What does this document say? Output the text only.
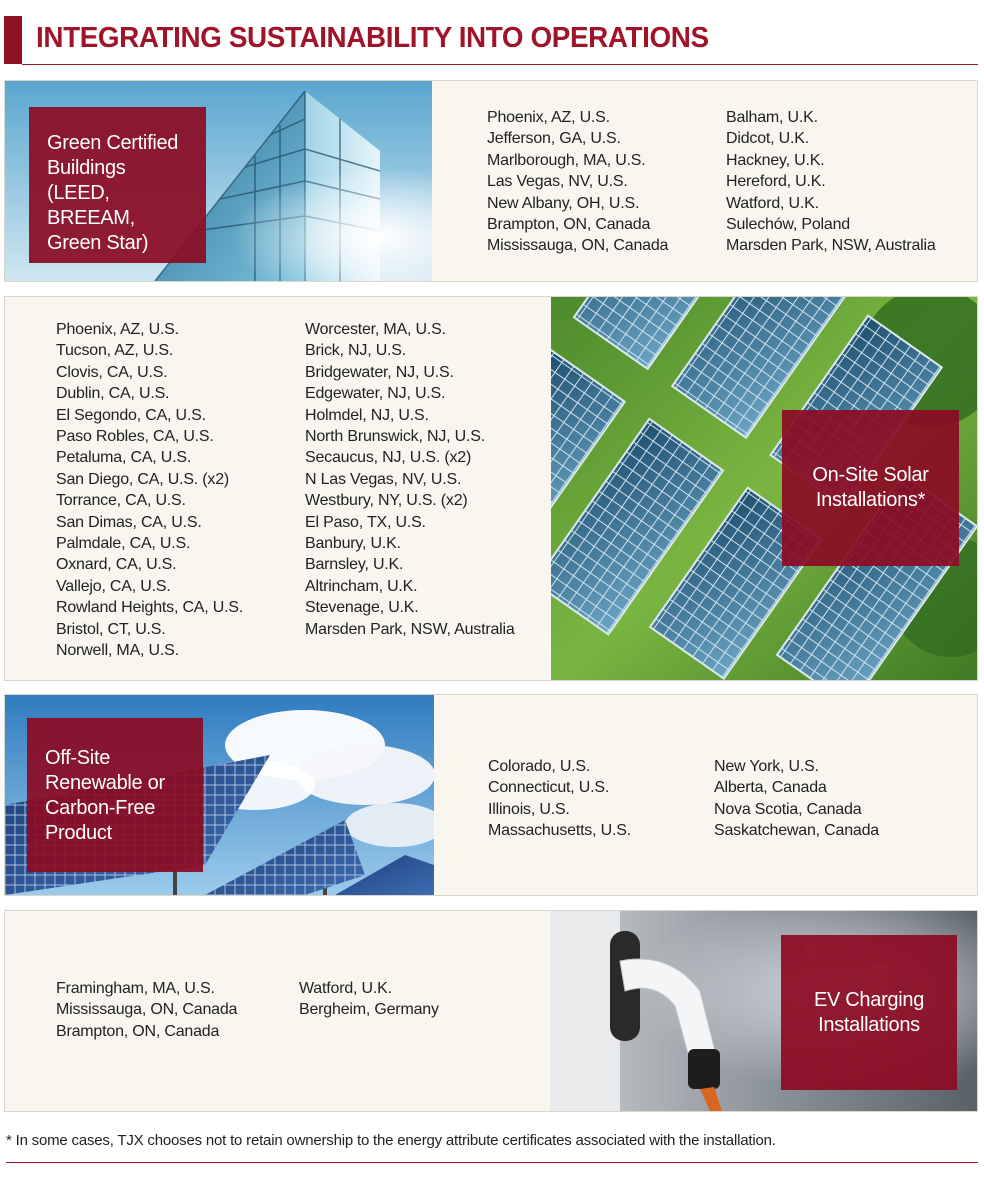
INTEGRATING SUSTAINABILITY INTO OPERATIONS
Green Certified Buildings (LEED, BREEAM, Green Star)
Phoenix, AZ, U.S.
Jefferson, GA, U.S.
Marlborough, MA, U.S.
Las Vegas, NV, U.S.
New Albany, OH, U.S.
Brampton, ON, Canada
Mississauga, ON, Canada
Balham, U.K.
Didcot, U.K.
Hackney, U.K.
Hereford, U.K.
Watford, U.K.
Sulechów, Poland
Marsden Park, NSW, Australia
Phoenix, AZ, U.S.
Tucson, AZ, U.S.
Clovis, CA, U.S.
Dublin, CA, U.S.
El Segondo, CA, U.S.
Paso Robles, CA, U.S.
Petaluma, CA, U.S.
San Diego, CA, U.S. (x2)
Torrance, CA, U.S.
San Dimas, CA, U.S.
Palmdale, CA, U.S.
Oxnard, CA, U.S.
Vallejo, CA, U.S.
Rowland Heights, CA, U.S.
Bristol, CT, U.S.
Norwell, MA, U.S.
Worcester, MA, U.S.
Brick, NJ, U.S.
Bridgewater, NJ, U.S.
Edgewater, NJ, U.S.
Holmdel, NJ, U.S.
North Brunswick, NJ, U.S.
Secaucus, NJ, U.S. (x2)
N Las Vegas, NV, U.S.
Westbury, NY, U.S. (x2)
El Paso, TX, U.S.
Banbury, U.K.
Barnsley, U.K.
Altrincham, U.K.
Stevenage, U.K.
Marsden Park, NSW, Australia
On-Site Solar Installations*
Off-Site Renewable or Carbon-Free Product
Colorado, U.S.
Connecticut, U.S.
Illinois, U.S.
Massachusetts, U.S.
New York, U.S.
Alberta, Canada
Nova Scotia, Canada
Saskatchewan, Canada
Framingham, MA, U.S.
Mississauga, ON, Canada
Brampton, ON, Canada
Watford, U.K.
Bergheim, Germany	EV Charging Installations
* In some cases, TJX chooses not to retain ownership to the energy attribute certificates associated with the installation.
